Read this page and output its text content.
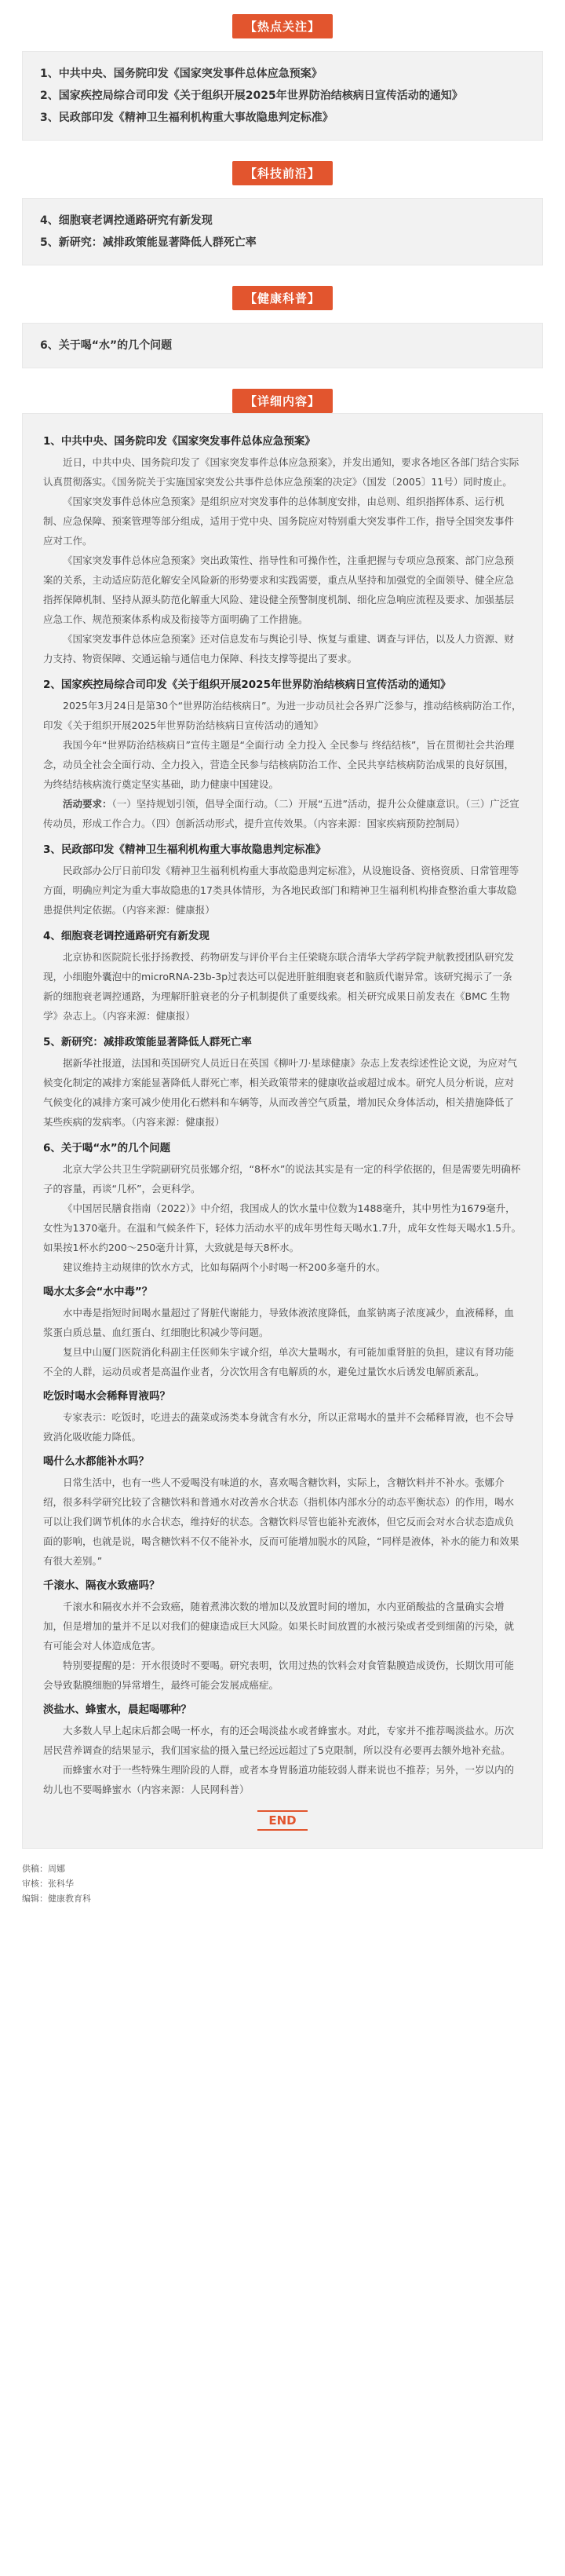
【热点关注】
1、中共中央、国务院印发《国家突发事件总体应急预案》
2、国家疾控局综合司印发《关于组织开展2025年世界防治结核病日宣传活动的通知》
3、民政部印发《精神卫生福利机构重大事故隐患判定标准》
【科技前沿】
4、细胞衰老调控通路研究有新发现
5、新研究：减排政策能显著降低人群死亡率
【健康科普】
6、关于喝“水”的几个问题
【详细内容】
1、中共中央、国务院印发《国家突发事件总体应急预案》

近日，中共中央、国务院印发了《国家突发事件总体应急预案》，并发出通知，要求各地区各部门结合实际认真贯彻落实。《国务院关于实施国家突发公共事件总体应急预案的决定》（国发〔2005〕11号）同时废止。

《国家突发事件总体应急预案》是组织应对突发事件的总体制度安排，由总则、组织指挥体系、运行机制、应急保障、预案管理等部分组成，适用于党中央、国务院应对特别重大突发事件工作，指导全国突发事件应对工作。

《国家突发事件总体应急预案》突出政策性、指导性和可操作性，注重把握与专项应急预案、部门应急预案的关系，主动适应防范化解安全风险新的形势要求和实践需要，重点从坚持和加强党的全面领导、健全应急指挥保障机制、坚持从源头防范化解重大风险、建设健全预警制度机制、细化应急响应流程及要求、加强基层应急工作、规范预案体系构成及衔接等方面明确了工作措施。

《国家突发事件总体应急预案》还对信息发布与舆论引导、恢复与重建、调查与评估，以及人力资源、财力支持、物资保障、交通运输与通信电力保障、科技支撑等提出了要求。

2、国家疾控局综合司印发《关于组织开展2025年世界防治结核病日宣传活动的通知》

2025年3月24日是第30个“世界防治结核病日”。为进一步动员社会各界广泛参与，推动结核病防治工作，印发《关于组织开展2025年世界防治结核病日宣传活动的通知》

我国今年“世界防治结核病日”宣传主题是“全面行动 全力投入 全民参与 终结结核”，旨在贯彻社会共治理念，动员全社会全面行动、全力投入，营造全民参与结核病防治工作、全民共享结核病防治成果的良好氛围，为终结结核病流行奠定坚实基础，助力健康中国建设。

活动要求：（一）坚持规划引领，倡导全面行动。（二）开展“五进”活动，提升公众健康意识。（三）广泛宣传动员，形成工作合力。（四）创新活动形式，提升宣传效果。（内容来源：国家疾病预防控制局）

3、民政部印发《精神卫生福利机构重大事故隐患判定标准》

民政部办公厅日前印发《精神卫生福利机构重大事故隐患判定标准》，从设施设备、资格资质、日常管理等方面，明确应判定为重大事故隐患的17类具体情形，为各地民政部门和精神卫生福利机构排查整治重大事故隐患提供判定依据。（内容来源：健康报）

4、细胞衰老调控通路研究有新发现

北京协和医院院长张抒扬教授、药物研发与评价平台主任梁晓东联合清华大学药学院尹航教授团队研究发现，小细胞外囊泡中的microRNA-23b-3p过表达可以促进肝脏细胞衰老和脑质代谢异常。该研究揭示了一条新的细胞衰老调控通路，为理解肝脏衰老的分子机制提供了重要线索。相关研究成果日前发表在《BMC 生物学》杂志上。（内容来源：健康报）

5、新研究：减排政策能显著降低人群死亡率

据新华社报道，法国和英国研究人员近日在英国《柳叶刀·星球健康》杂志上发表综述性论文说，为应对气候变化制定的减排方案能显著降低人群死亡率，相关政策带来的健康收益或超过成本。研究人员分析说，应对气候变化的减排方案可减少使用化石燃料和车辆等，从而改善空气质量，增加民众身体活动，相关措施降低了某些疾病的发病率。（内容来源：健康报）

6、关于喝“水”的几个问题

北京大学公共卫生学院副研究员张娜介绍，“8杯水”的说法其实是有一定的科学依据的，但是需要先明确杯子的容量，再谈“几杯”，会更科学。

《中国居民膳食指南（2022）》中介绍，我国成人的饮水量中位数为1488毫升，其中男性为1679毫升，女性为1370毫升。在温和气候条件下，轻体力活动水平的成年男性每天喝水1.7升，成年女性每天喝水1.5升。如果按1杯水约200～250毫升计算，大致就是每天8杯水。

建议维持主动规律的饮水方式，比如每隔两个小时喝一杯200多毫升的水。

喝水太多会“水中毒”？

水中毒是指短时间喝水量超过了肾脏代谢能力，导致体液浓度降低，血浆钠离子浓度减少，血液稀释，血浆蛋白质总量、血红蛋白、红细胞比积减少等问题。

复旦中山厦门医院消化科副主任医师朱宇诚介绍，单次大量喝水，有可能加重肾脏的负担，建议有肾功能不全的人群，运动员或者是高温作业者，分次饮用含有电解质的水，避免过量饮水后诱发电解质紊乱。

吃饭时喝水会稀释胃液吗？

专家表示：吃饭时，吃进去的蔬菜或汤类本身就含有水分，所以正常喝水的量并不会稀释胃液，也不会导致消化吸收能力降低。

喝什么水都能补水吗？

日常生活中，也有一些人不爱喝没有味道的水，喜欢喝含糖饮料，实际上，含糖饮料并不补水。张娜介绍，很多科学研究比较了含糖饮料和普通水对改善水合状态（指机体内部水分的动态平衡状态）的作用，喝水可以让我们调节机体的水合状态，维持好的状态。含糖饮料尽管也能补充液体，但它反而会对水合状态造成负面的影响，也就是说，喝含糖饮料不仅不能补水，反而可能增加脱水的风险，“同样是液体，补水的能力和效果有很大差别。”

千滚水、隔夜水致癌吗？

千滚水和隔夜水并不会致癌，随着煮沸次数的增加以及放置时间的增加，水内亚硝酸盐的含量确实会增加，但是增加的量并不足以对我们的健康造成巨大风险。如果长时间放置的水被污染或者受到细菌的污染，就有可能会对人体造成危害。

特别要提醒的是：开水很烫时不要喝。研究表明，饮用过热的饮料会对食管黏膜造成烫伤，长期饮用可能会导致黏膜细胞的异常增生，最终可能会发展成癌症。

淡盐水、蜂蜜水，晨起喝哪种？

大多数人早上起床后都会喝一杯水，有的还会喝淡盐水或者蜂蜜水。对此，专家并不推荐喝淡盐水。历次居民营养调查的结果显示，我们国家盐的摄入量已经远远超过了5克限制，所以没有必要再去额外地补充盐。

而蜂蜜水对于一些特殊生理阶段的人群，或者本身胃肠道功能较弱人群来说也不推荐；另外，一岁以内的幼儿也不要喝蜂蜜水（内容来源：人民网科普）

END
供稿：周娜
审核：张科华
编辑：健康教育科
